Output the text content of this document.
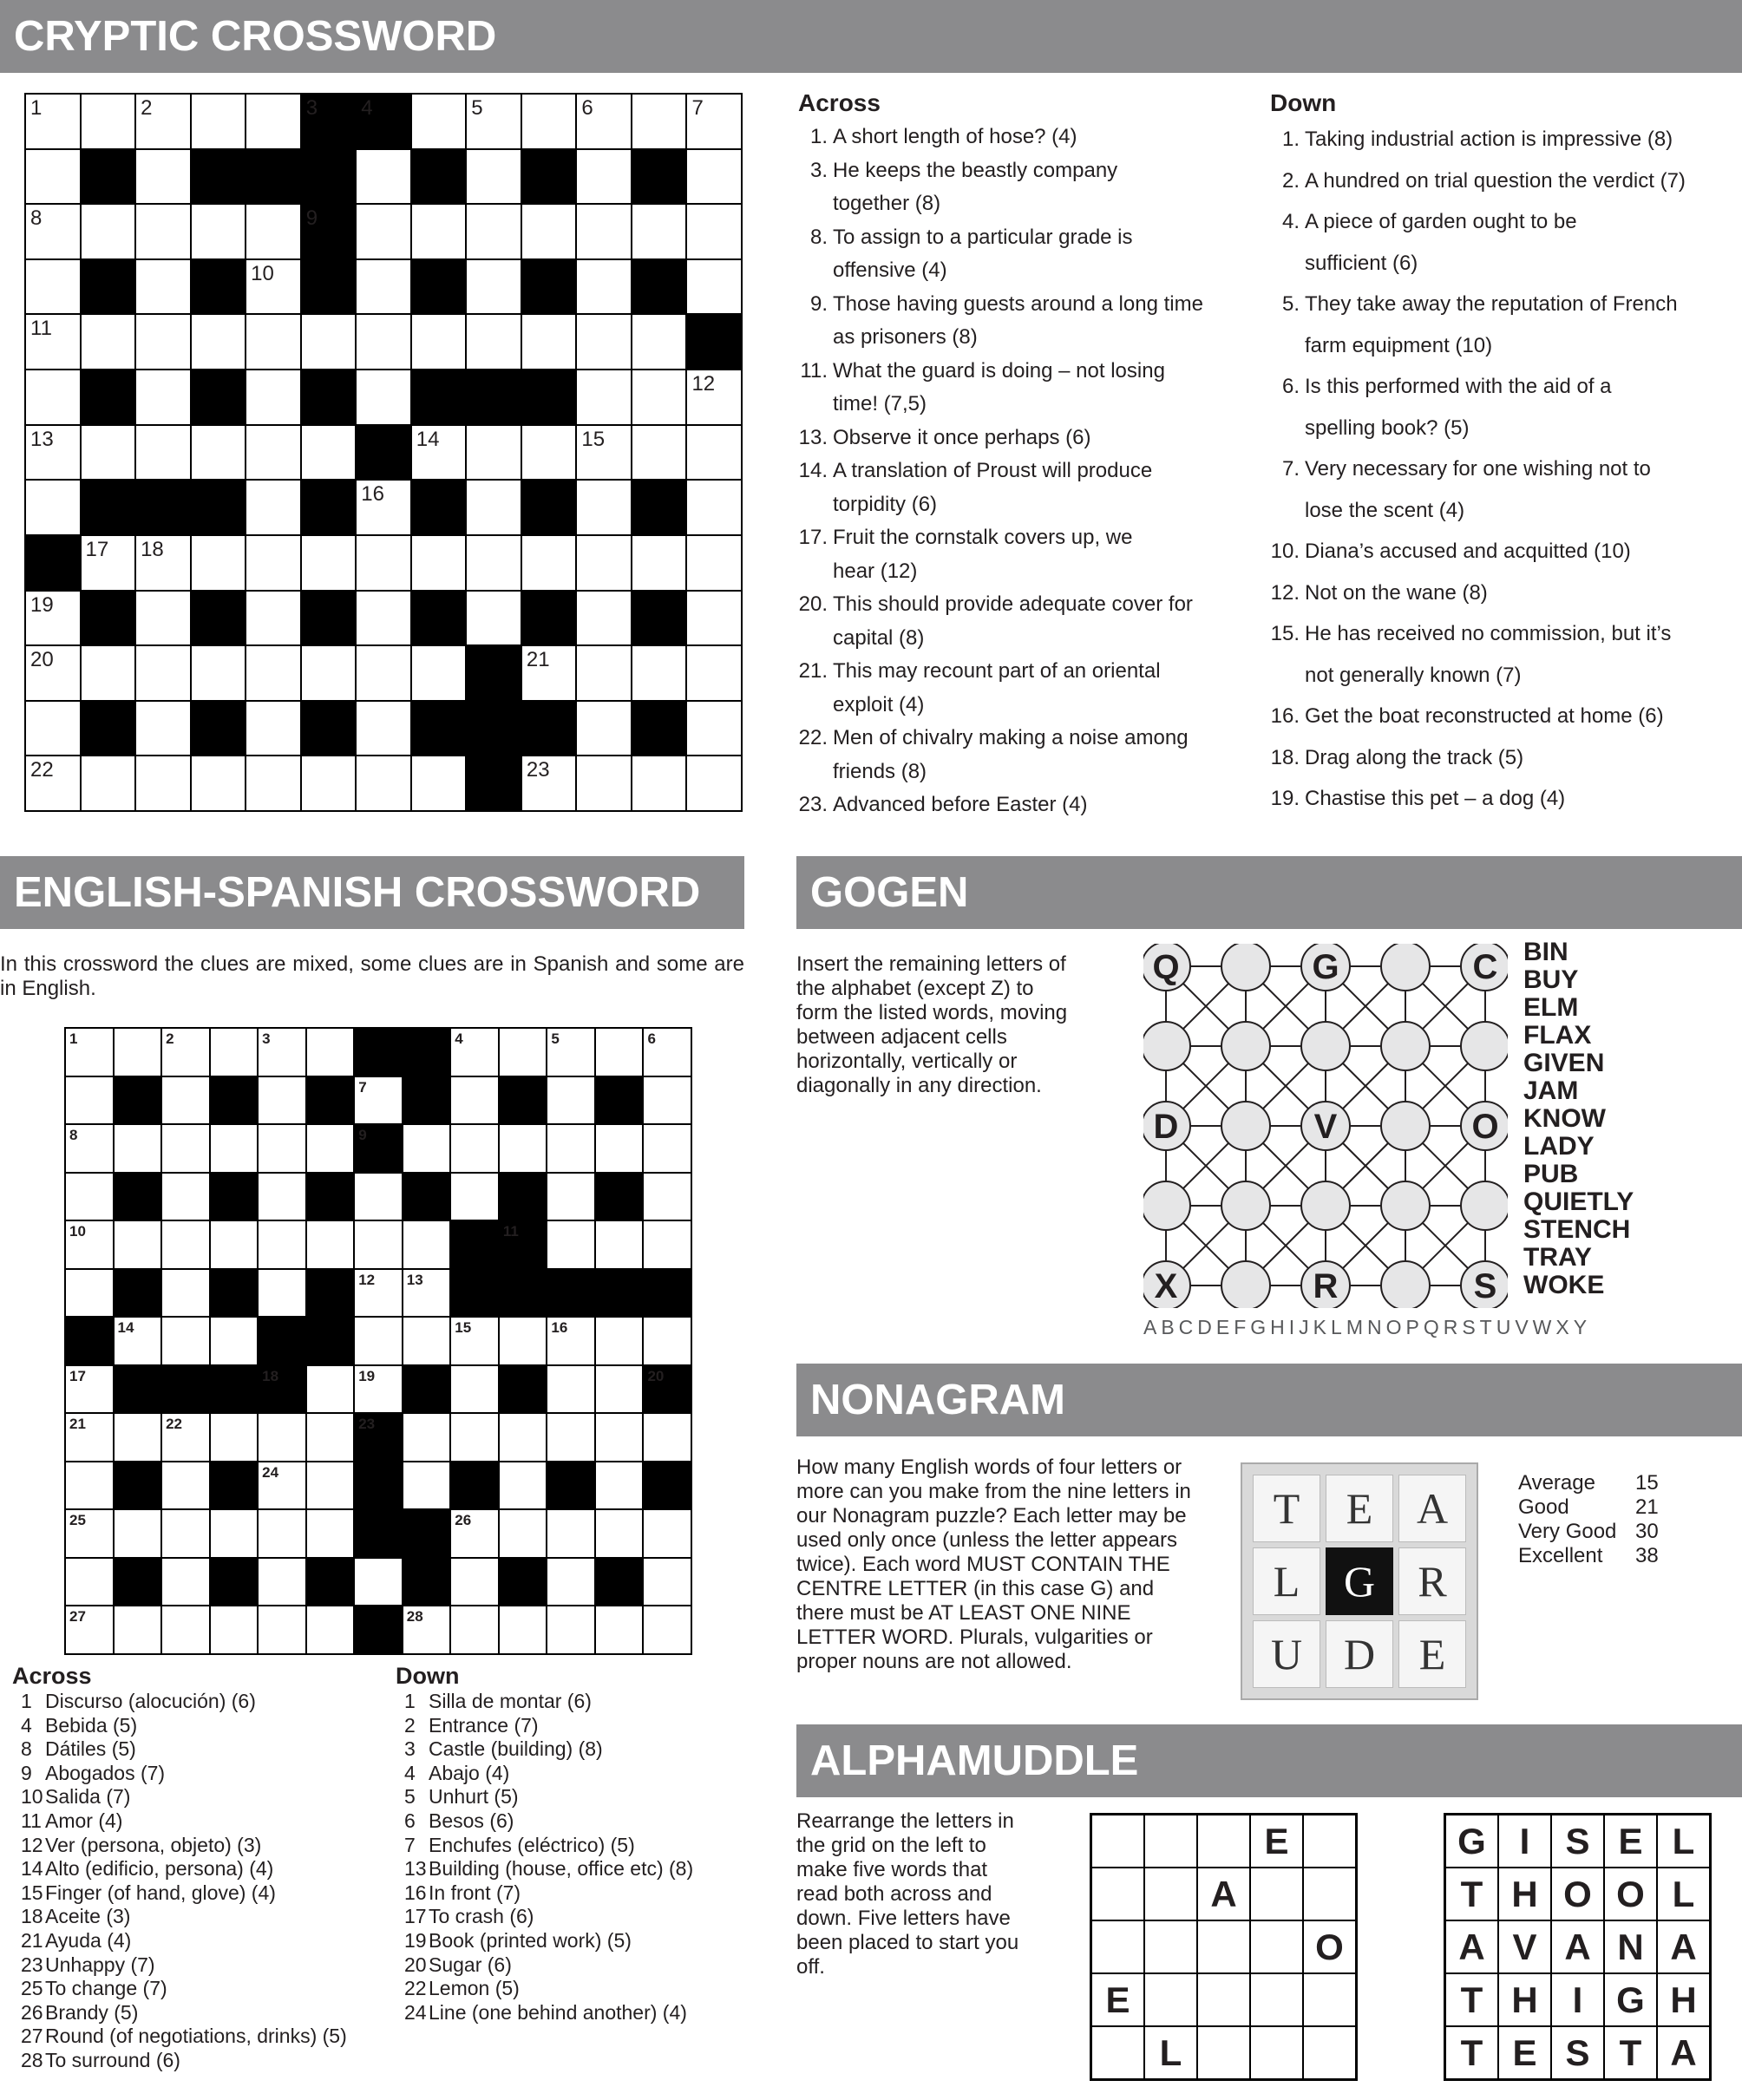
CRYPTIC CROSSWORD
1	2	3 4	5	6	7
8	9
10
11
12
13	14	15
16
17 18
19
20	21
22	23
Across
1. A short length of hose? (4)
3. He keeps the beastly company
together (8)
8. To assign to a particular grade is
offensive (4)
9. Those having guests around a long time
as prisoners (8)
11. What the guard is doing – not losing
time! (7,5)
13. Observe it once perhaps (6)
14. A translation of Proust will produce
torpidity (6)
17. Fruit the cornstalk covers up, we
hear (12)
20. This should provide adequate cover for
capital (8)
21. This may recount part of an oriental
exploit (4)
22. Men of chivalry making a noise among
friends (8)
23. Advanced before Easter (4)
Down
1. Taking industrial action is impressive (8)
2. A hundred on trial question the verdict (7)
4. A piece of garden ought to be
sufficient (6)
5. They take away the reputation of French
farm equipment (10)
6. Is this performed with the aid of a
spelling book? (5)
7. Very necessary for one wishing not to
lose the scent (4)
10. Diana’s accused and acquitted (10)
12. Not on the wane (8)
15. He has received no commission, but it’s
not generally known (7)
16. Get the boat reconstructed at home (6)
18. Drag along the track (5)
19. Chastise this pet – a dog (4)
ENGLISH-SPANISH CROSSWORD
In this crossword the clues are mixed, some clues are in Spanish and some are in English.
1	2	3	4	5	6
7
8	9
10	11
12 13
14	15	16
17	18	19	20
21	22	23
24
25	26
27	28
Across
1 Discurso (alocución) (6)
4 Bebida (5)
8 Dátiles (5)
9 Abogados (7)
10 Salida (7)
11 Amor (4)
12 Ver (persona, objeto) (3)
14 Alto (edificio, persona) (4)
15 Finger (of hand, glove) (4)
18 Aceite (3)
21 Ayuda (4)
23 Unhappy (7)
25 To change (7)
26 Brandy (5)
27 Round (of negotiations, drinks) (5)
28 To surround (6)
Down
1 Silla de montar (6)
2 Entrance (7)
3 Castle (building) (8)
4 Abajo (4)
5 Unhurt (5)
6 Besos (6)
7 Enchufes (eléctrico) (5)
13 Building (house, office etc) (8)
16 In front (7)
17 To crash (6)
19 Book (printed work) (5)
20 Sugar (6)
22 Lemon (5)
24 Line (one behind another) (4)
GOGEN
Insert the remaining letters of the alphabet (except Z) to form the listed words, moving between adjacent cells horizontally, vertically or diagonally in any direction.
Q	G	C
D	V	O
X	R	S
BIN
BUY
ELM
FLAX
GIVEN
JAM
KNOW
LADY
PUB
QUIETLY
STENCH
TRAY
WOKE
ABCDEFGHIJKLMNOPQRSTUVWXY
NONAGRAM
How many English words of four letters or more can you make from the nine letters in our Nonagram puzzle? Each letter may be used only once (unless the letter appears twice). Each word MUST CONTAIN THE CENTRE LETTER (in this case G) and there must be AT LEAST ONE NINE LETTER WORD. Plurals, vulgarities or proper nouns are not allowed.
T	E	A
L	G R
U D	E
Average	15
Good	21
Very Good 30
Excellent	38
ALPHAMUDDLE
Rearrange the letters in the grid on the left to make five words that read both across and down. Five letters have been placed to start you off.
E
A
O
E
L
G I S E L
T H O O L
A V A N A
T H I G H
T E S T A
